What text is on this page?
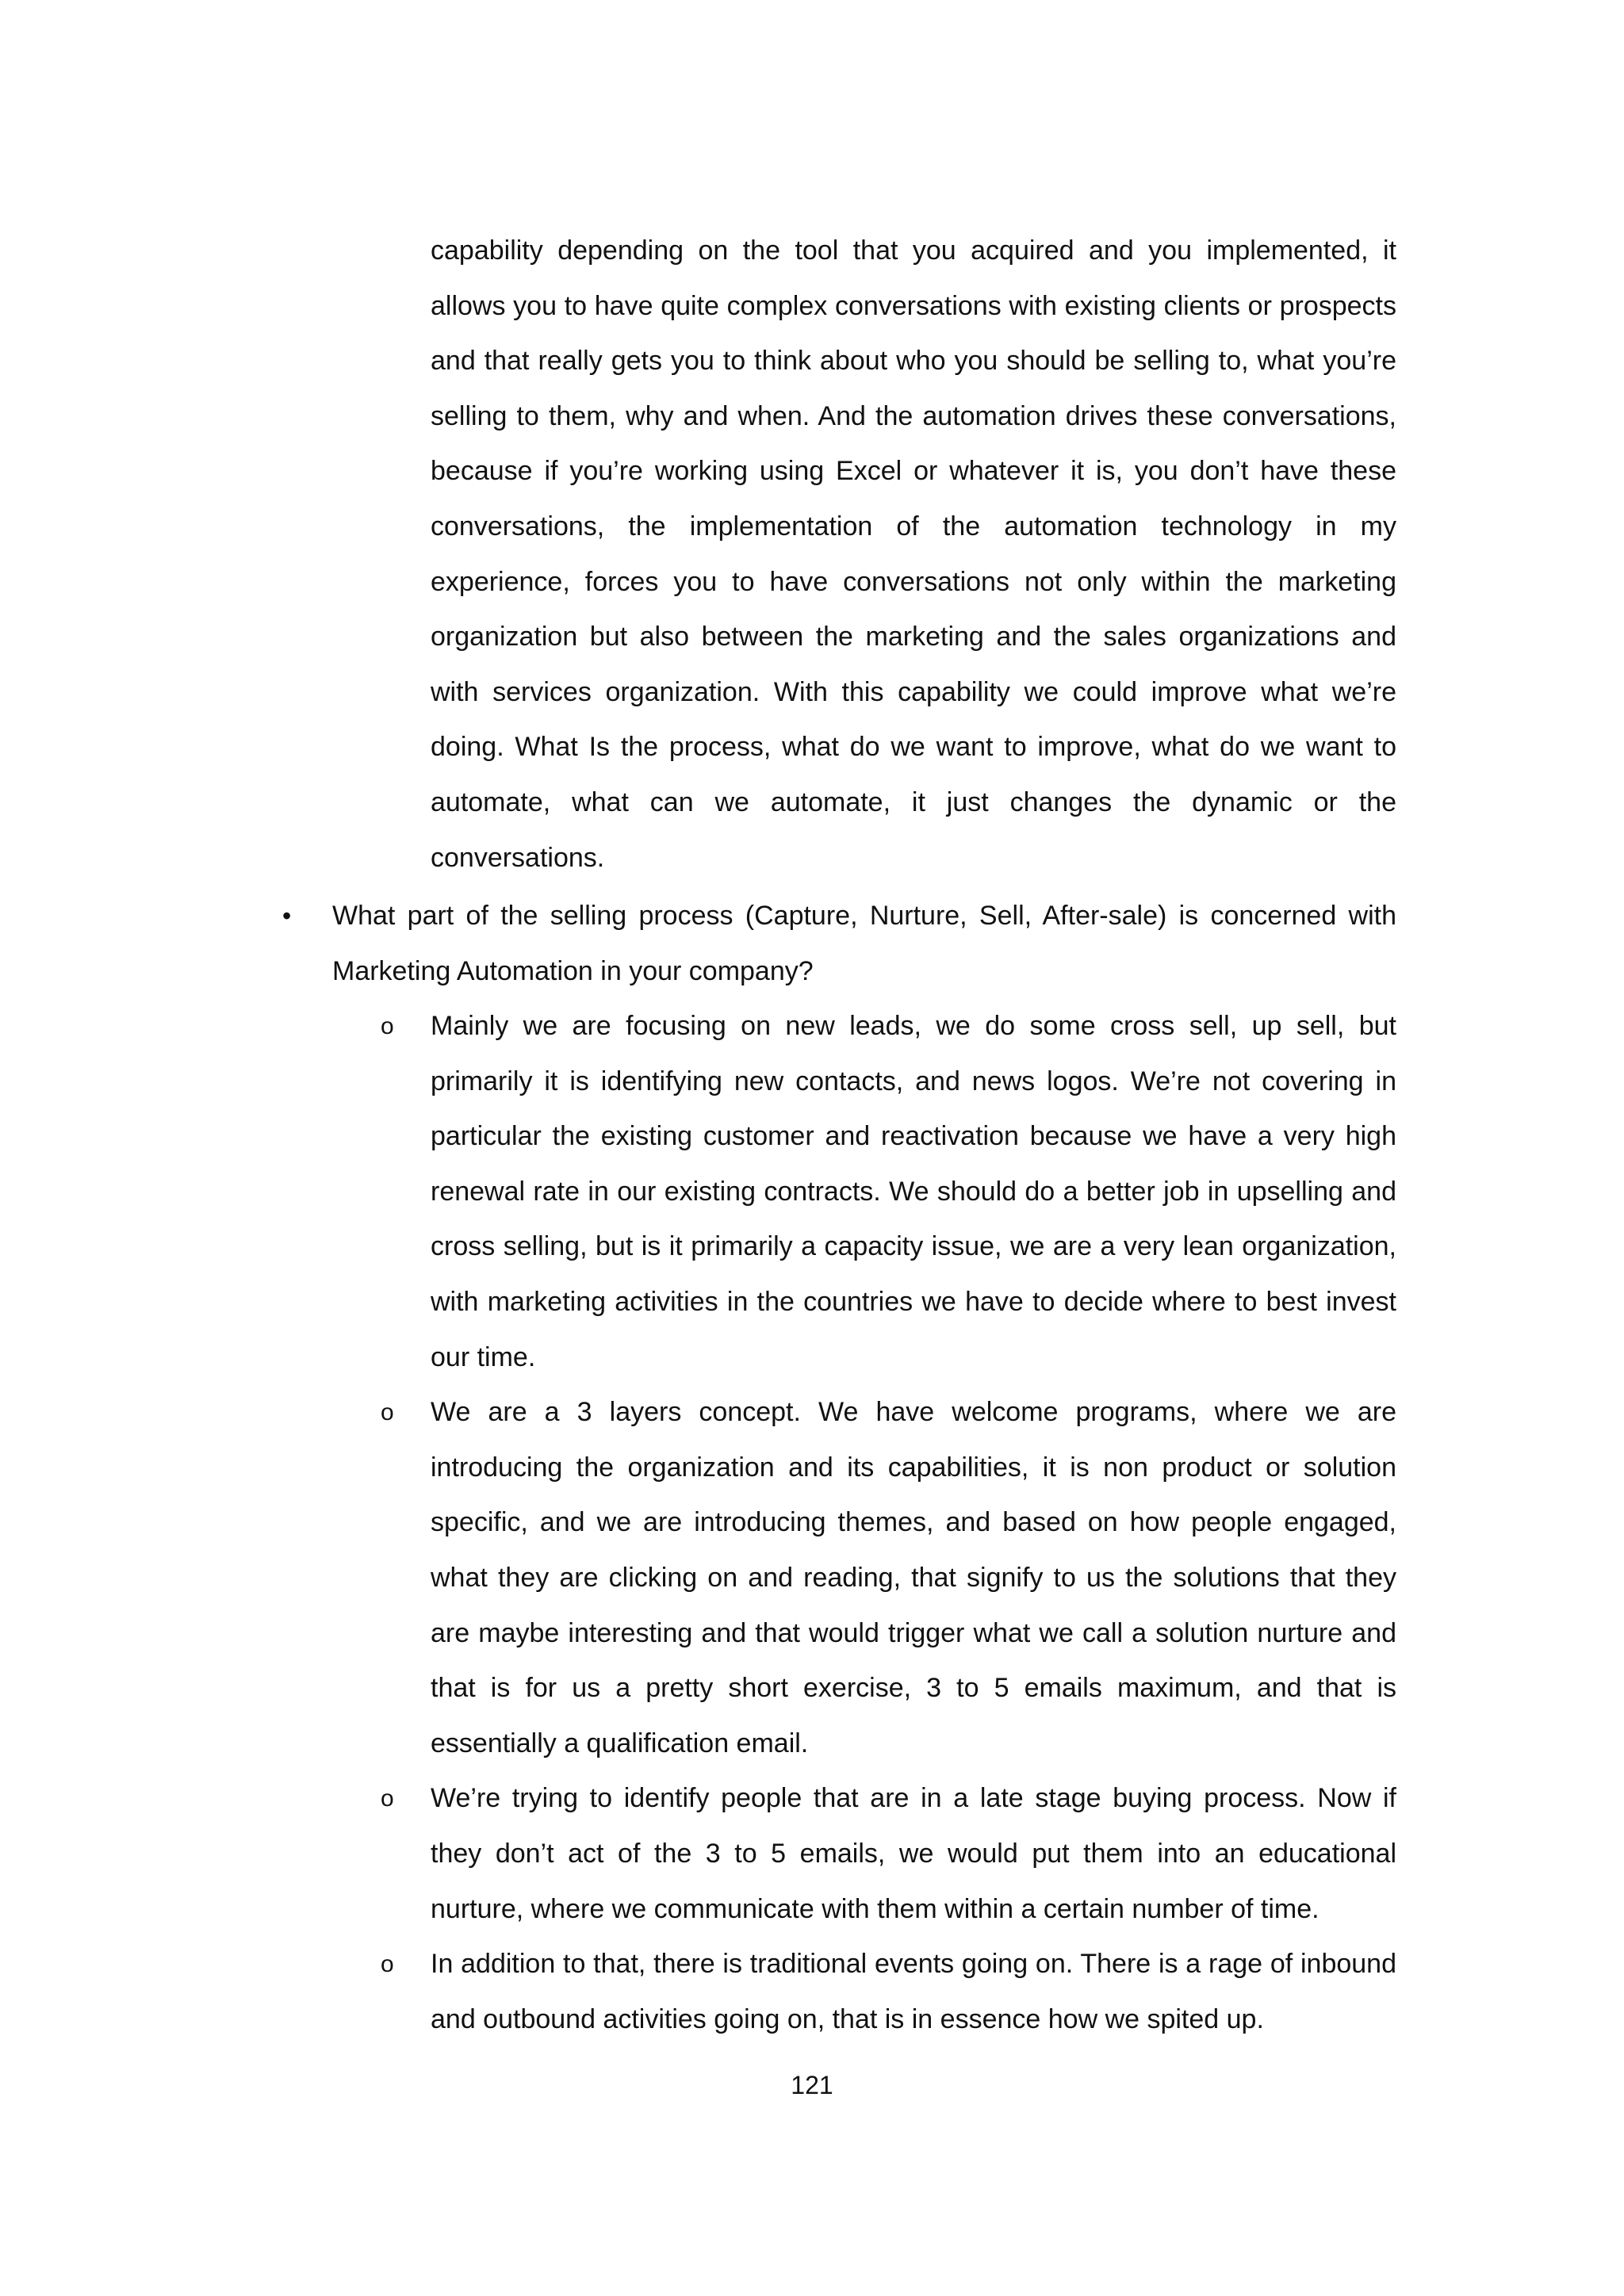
capability depending on the tool that you acquired and you implemented, it allows you to have quite complex conversations with existing clients or prospects and that really gets you to think about who you should be selling to, what you’re selling to them, why and when. And the automation drives these conversations, because if you’re working using Excel or whatever it is, you don’t have these conversations, the implementation of the automation technology in my experience, forces you to have conversations not only within the marketing organization but also between the marketing and the sales organizations and with services organization. With this capability we could improve what we’re doing. What Is the process, what do we want to improve, what do we want to automate, what can we automate, it just changes the dynamic or the conversations.

•	What part of the selling process (Capture, Nurture, Sell, After-sale) is concerned with Marketing Automation in your company?

o Mainly we are focusing on new leads, we do some cross sell, up sell, but primarily it is identifying new contacts, and news logos. We’re not covering in particular the existing customer and reactivation because we have a very high renewal rate in our existing contracts. We should do a better job in upselling and cross selling, but is it primarily a capacity issue, we are a very lean organization, with marketing activities in the countries we have to decide where to best invest our time.

o We are a 3 layers concept. We have welcome programs, where we are introducing the organization and its capabilities, it is non product or solution specific, and we are introducing themes, and based on how people engaged, what they are clicking on and reading, that signify to us the solutions that they are maybe interesting and that would trigger what we call a solution nurture and that is for us a pretty short exercise, 3 to 5 emails maximum, and that is essentially a qualification email.

o We’re trying to identify people that are in a late stage buying process. Now if they don’t act of the 3 to 5 emails, we would put them into an educational nurture, where we communicate with them within a certain number of time.

o In addition to that, there is traditional events going on. There is a rage of inbound and outbound activities going on, that is in essence how we spited up.

121
